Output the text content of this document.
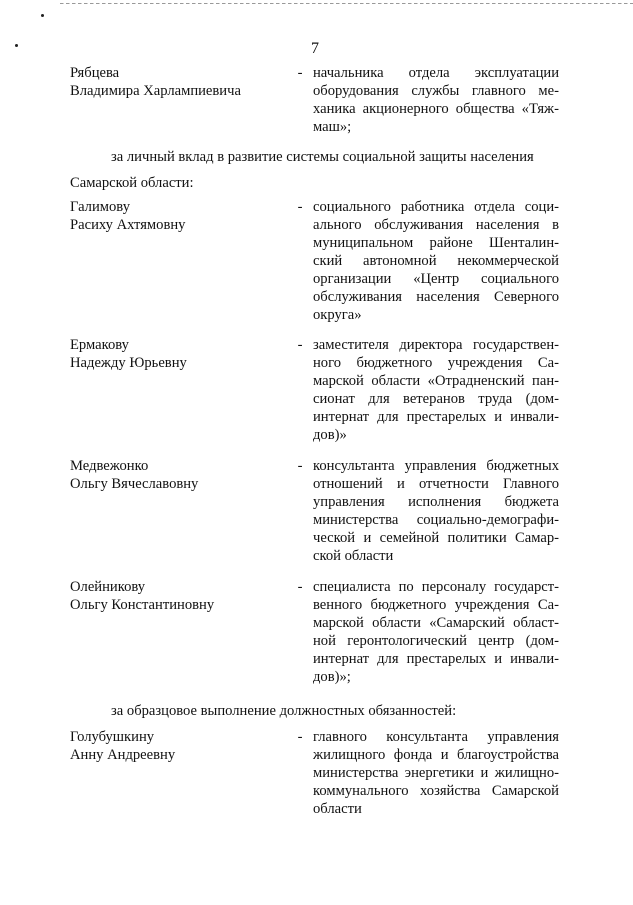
7
Рябцева
Владимира Харлампиевича
- начальника отдела эксплуатации
оборудования службы главного ме-
ханика акционерного общества «Тяж-
маш»;
за личный вклад в развитие системы социальной защиты населения
Самарской области:
Галимову
Расиху Ахтямовну
- социального работника отдела соци-
ального обслуживания населения в
муниципальном районе Шенталин-
ский автономной некоммерческой
организации «Центр социального
обслуживания населения Северного
округа»
Ермакову
Надежду Юрьевну
- заместителя директора государствен-
ного бюджетного учреждения Са-
марской области «Отрадненский пан-
сионат для ветеранов труда (дом-
интернат для престарелых и инвали-
дов)»
Медвежонко
Ольгу Вячеславовну
- консультанта управления бюджетных
отношений и отчетности Главного
управления исполнения бюджета
министерства социально-демографи-
ческой и семейной политики Самар-
ской области
Олейникову
Ольгу Константиновну
- специалиста по персоналу государст-
венного бюджетного учреждения Са-
марской области «Самарский област-
ной геронтологический центр (дом-
интернат для престарелых и инвали-
дов)»;
за образцовое выполнение должностных обязанностей:
Голубушкину
Анну Андреевну
- главного консультанта управления
жилищного фонда и благоустройства
министерства энергетики и жилищно-
коммунального хозяйства Самарской
области
